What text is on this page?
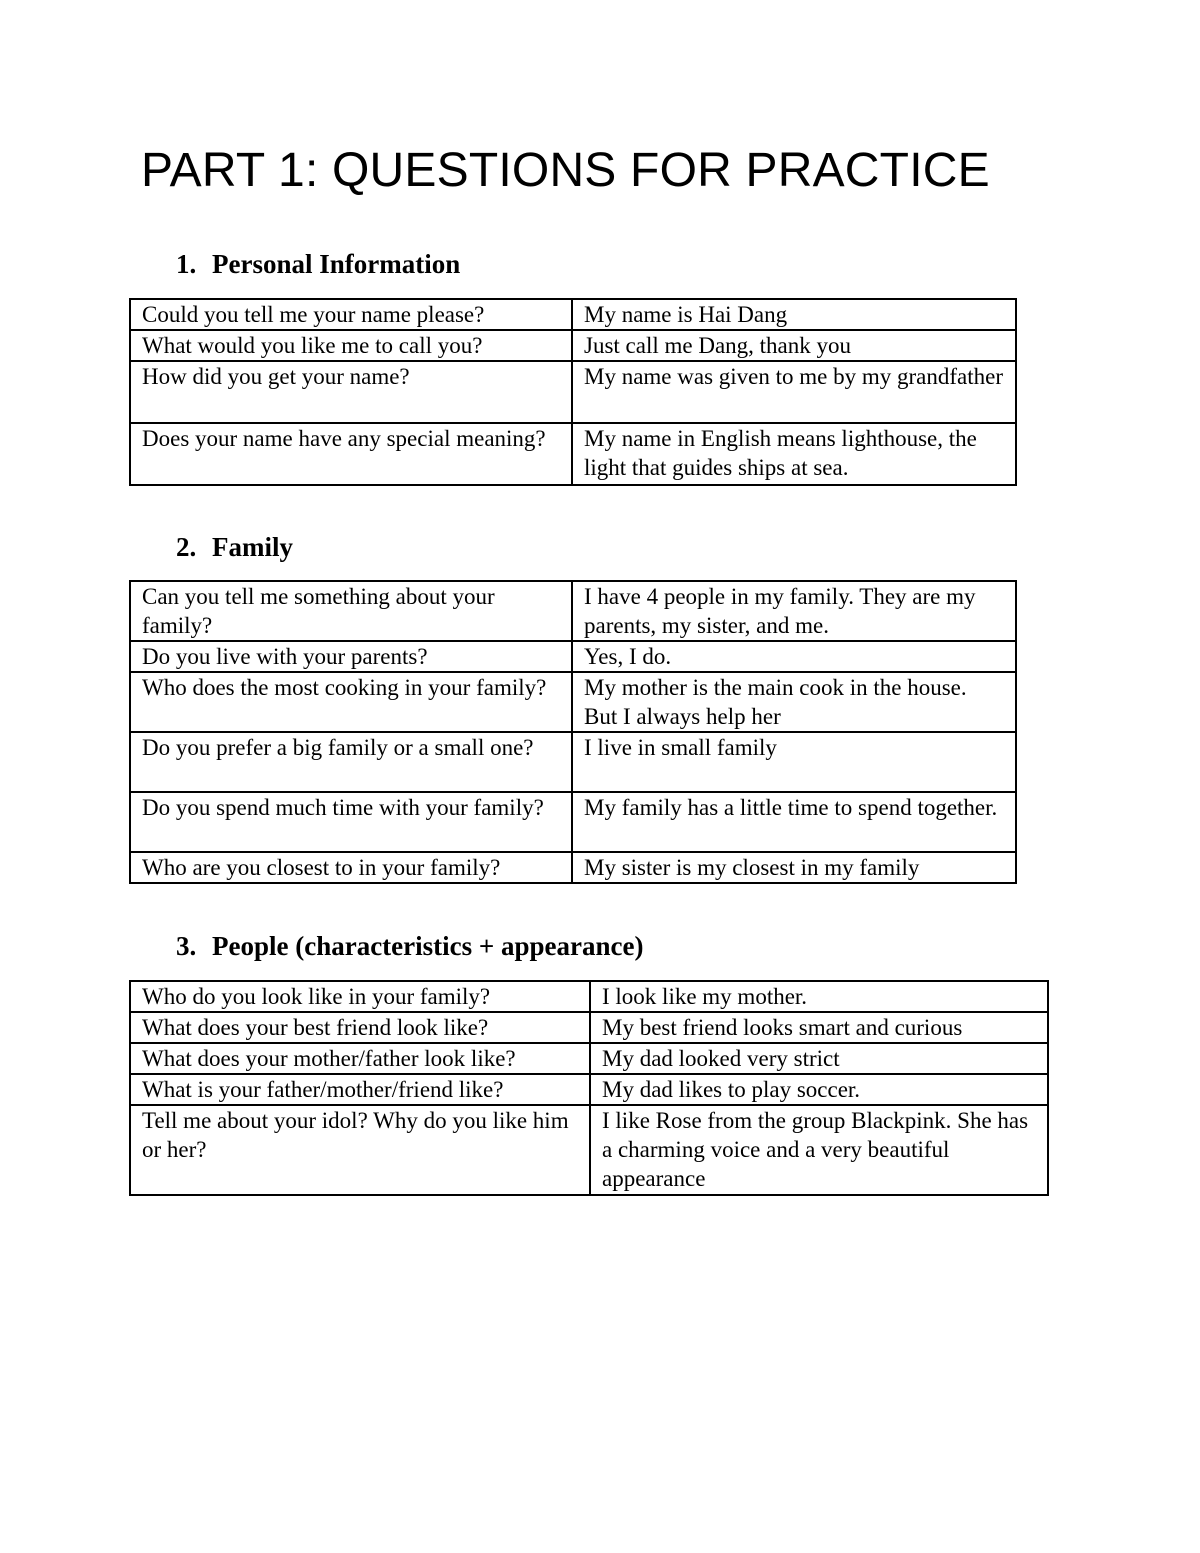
PART 1: QUESTIONS FOR PRACTICE
1. Personal Information
Could you tell me your name please?	My name is Hai Dang
What would you like me to call you?	Just call me Dang, thank you
How did you get your name?	My name was given to me by my grandfather
Does your name have any special meaning?	My name in English means lighthouse, the light that guides ships at sea.
2. Family
Can you tell me something about your family?	I have 4 people in my family. They are my parents, my sister, and me.
Do you live with your parents?	Yes, I do.
Who does the most cooking in your family?	My mother is the main cook in the house. But I always help her
Do you prefer a big family or a small one?	I live in small family
Do you spend much time with your family?	My family has a little time to spend together.
Who are you closest to in your family?	My sister is my closest in my family
3. People (characteristics + appearance)
Who do you look like in your family?	I look like my mother.
What does your best friend look like?	My best friend looks smart and curious
What does your mother/father look like?	My dad looked very strict
What is your father/mother/friend like?	My dad likes to play soccer.
Tell me about your idol? Why do you like him or her?	I like Rose from the group Blackpink. She has a charming voice and a very beautiful appearance
